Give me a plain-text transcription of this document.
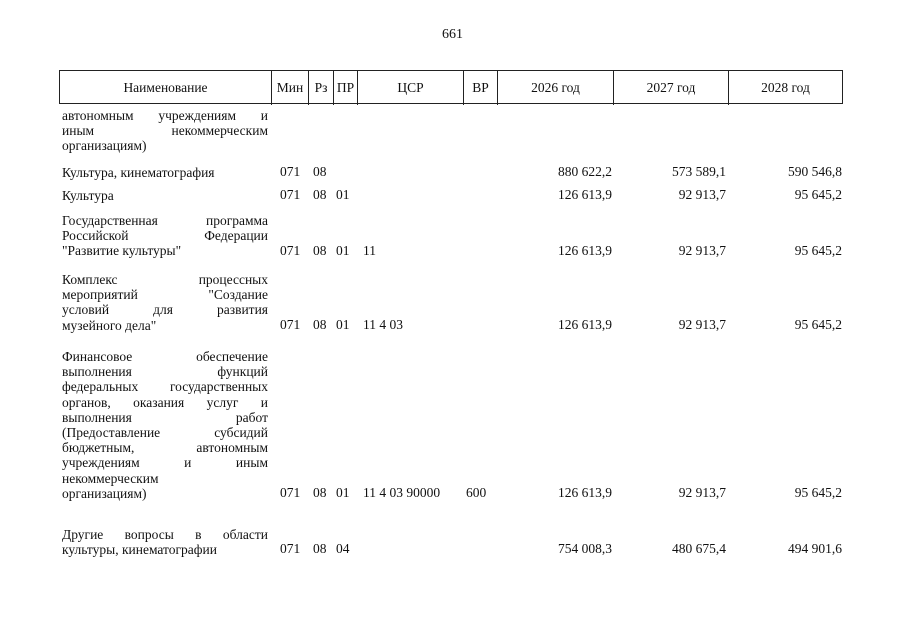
661
Наименование	Мин Рз ПР	ЦСР	ВР	2026 год	2027 год	2028 год
автономным учреждениям и
иным некоммерческим
организациям)
Культура, кинематография	071 08	880 622,2	573 589,1	590 546,8
Культура	071 08 01	126 613,9	92 913,7	95 645,2
Государственная программа
Российской Федерации
"Развитие культуры"	071 08 01	11	126 613,9	92 913,7	95 645,2
Комплекс процессных
мероприятий "Создание
условий для развития
музейного дела"	071 08 01	11 4 03	126 613,9	92 913,7	95 645,2
Финансовое обеспечение
выполнения функций
федеральных государственных
органов, оказания услуг и
выполнения работ
(Предоставление субсидий
бюджетным, автономным
учреждениям и иным
некоммерческим
организациям)	071 08 01	11 4 03 90000	600	126 613,9	92 913,7	95 645,2
Другие вопросы в области
культуры, кинематографии	071 08 04	754 008,3	480 675,4	494 901,6
